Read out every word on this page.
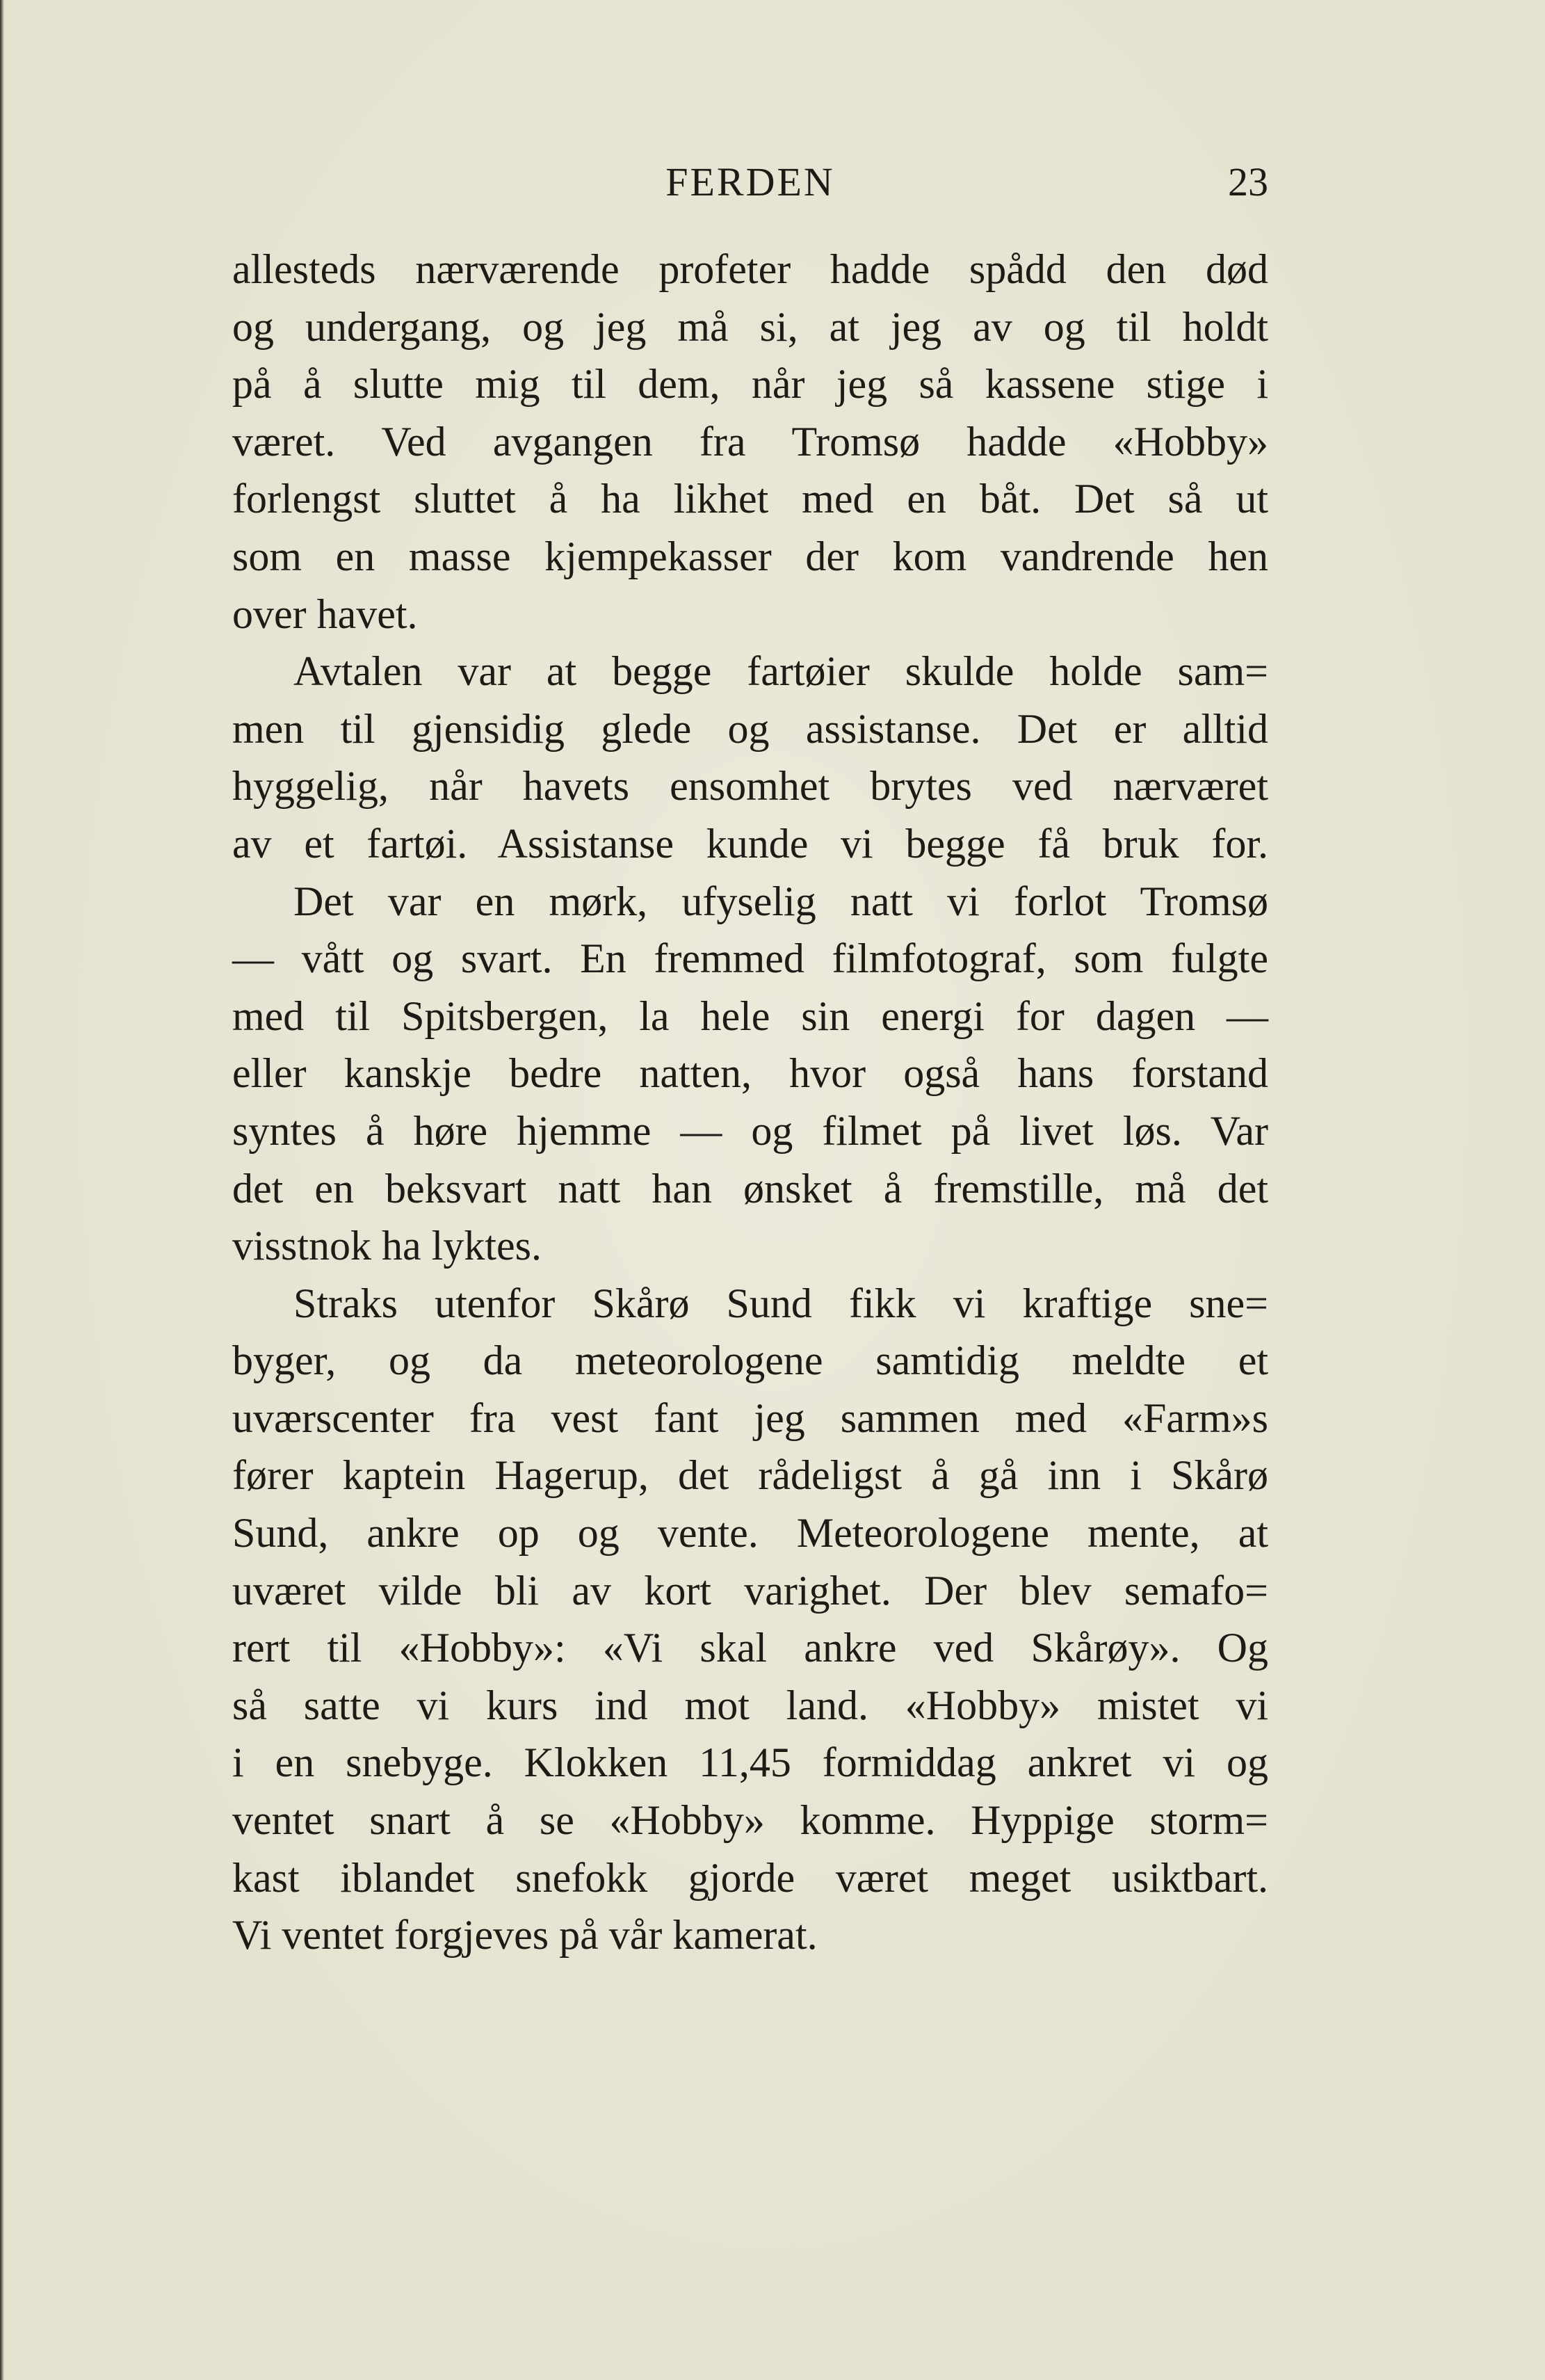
FERDEN	23
allesteds nærværende profeter hadde spådd den død
og undergang, og jeg må si, at jeg av og til holdt
på å slutte mig til dem, når jeg så kassene stige i
været. Ved avgangen fra Tromsø hadde «Hobby»
forlengst sluttet å ha likhet med en båt. Det så ut
som en masse kjempekasser der kom vandrende hen
over havet.
Avtalen var at begge fartøier skulde holde sam=
men til gjensidig glede og assistanse. Det er alltid
hyggelig, når havets ensomhet brytes ved nærværet
av et fartøi. Assistanse kunde vi begge få bruk for.
Det var en mørk, ufyselig natt vi forlot Tromsø
— vått og svart. En fremmed filmfotograf, som fulgte
med til Spitsbergen, la hele sin energi for dagen —
eller kanskje bedre natten, hvor også hans forstand
syntes å høre hjemme — og filmet på livet løs. Var
det en beksvart natt han ønsket å fremstille, må det
visstnok ha lyktes.
Straks utenfor Skårø Sund fikk vi kraftige sne=
byger, og da meteorologene samtidig meldte et
uværscenter fra vest fant jeg sammen med «Farm»s
fører kaptein Hagerup, det rådeligst å gå inn i Skårø
Sund, ankre op og vente. Meteorologene mente, at
uværet vilde bli av kort varighet. Der blev semafo=
rert til «Hobby»: «Vi skal ankre ved Skårøy». Og
så satte vi kurs ind mot land. «Hobby» mistet vi
i en snebyge. Klokken 11,45 formiddag ankret vi og
ventet snart å se «Hobby» komme. Hyppige storm=
kast iblandet snefokk gjorde været meget usiktbart.
Vi ventet forgjeves på vår kamerat.
